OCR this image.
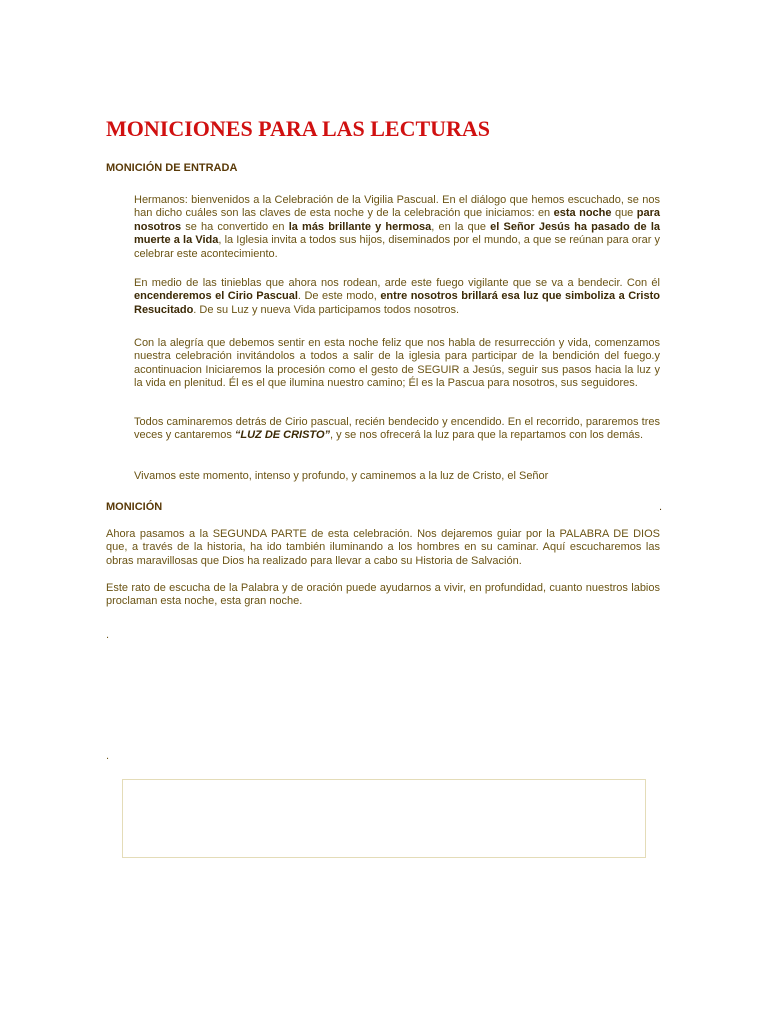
MONICIONES PARA LAS LECTURAS
MONICIÓN DE ENTRADA

Hermanos: bienvenidos a la Celebración de la Vigilia Pascual. En el diálogo que hemos escuchado, se nos han dicho cuáles son las claves de esta noche y de la celebración que iniciamos: en esta noche que para nosotros se ha convertido en la más brillante y hermosa, en la que el Señor Jesús ha pasado de la muerte a la Vida, la Iglesia invita a todos sus hijos, diseminados por el mundo, a que se reúnan para orar y celebrar este acontecimiento.

En medio de las tinieblas que ahora nos rodean, arde este fuego vigilante que se va a bendecir. Con él encenderemos el Cirio Pascual. De este modo, entre nosotros brillará esa luz que simboliza a Cristo Resucitado. De su Luz y nueva Vida participamos todos nosotros.

Con la alegría que debemos sentir en esta noche feliz que nos habla de resurrección y vida, comenzamos nuestra celebración invitándolos a todos a salir de la iglesia para participar de la bendición del fuego.y acontinuacion Iniciaremos la procesión como el gesto de SEGUIR a Jesús, seguir sus pasos hacia la luz y la vida en plenitud. Él es el que ilumina nuestro camino; Él es la Pascua para nosotros, sus seguidores.

Todos caminaremos detrás de Cirio pascual, recién bendecido y encendido. En el recorrido, pararemos tres veces y cantaremos “LUZ DE CRISTO”, y se nos ofrecerá la luz para que la repartamos con los demás.

Vivamos este momento, intenso y profundo, y caminemos a la luz de Cristo, el Señor

MONICIÓN	.

Ahora pasamos a la SEGUNDA PARTE de esta celebración. Nos dejaremos guiar por la PALABRA DE DIOS que, a través de la historia, ha ido también iluminando a los hombres en su caminar. Aquí escucharemos las obras maravillosas que Dios ha realizado para llevar a cabo su Historia de Salvación.

Este rato de escucha de la Palabra y de oración puede ayudarnos a vivir, en profundidad, cuanto nuestros labios proclaman esta noche, esta gran noche.

.

.
